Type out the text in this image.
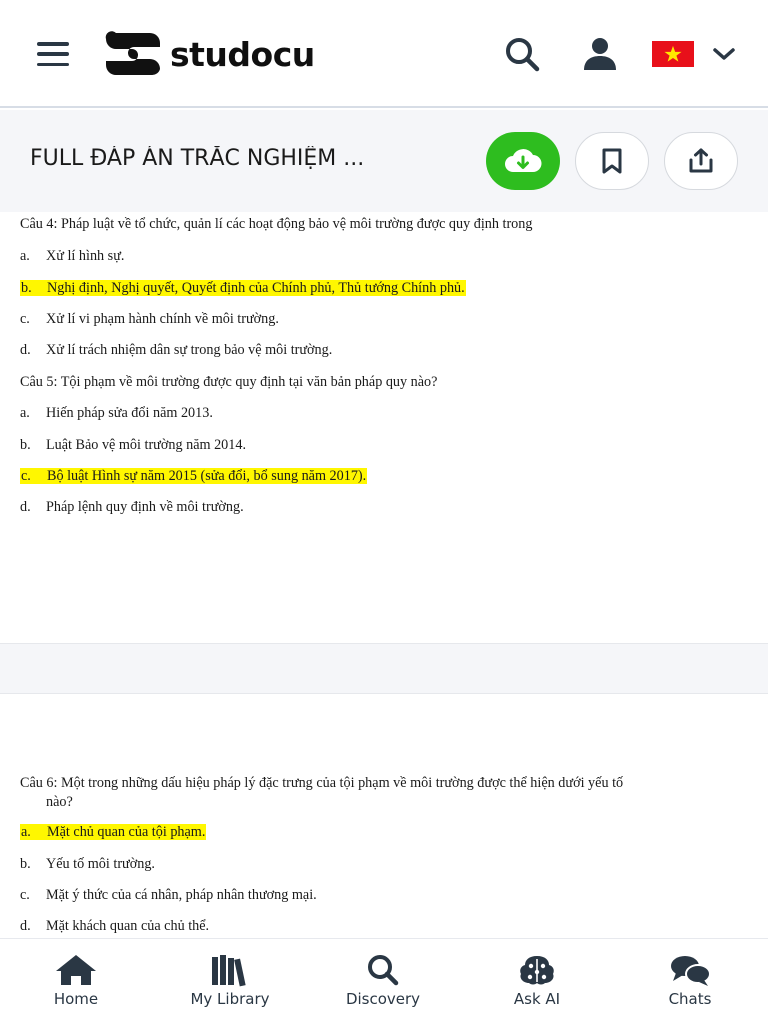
studocu
FULL ĐÁP ÁN TRẮC NGHIỆM ...
Câu 4: Pháp luật về tổ chức, quản lí các hoạt động bảo vệ môi trường được quy định trong
a. Xử lí hình sự.
b. Nghị định, Nghị quyết, Quyết định của Chính phủ, Thủ tướng Chính phủ.
c. Xử lí vi phạm hành chính về môi trường.
d. Xử lí trách nhiệm dân sự trong bảo vệ môi trường.
Câu 5: Tội phạm về môi trường được quy định tại văn bản pháp quy nào?
a. Hiến pháp sửa đổi năm 2013.
b. Luật Bảo vệ môi trường năm 2014.
c. Bộ luật Hình sự năm 2015 (sửa đổi, bổ sung năm 2017).
d. Pháp lệnh quy định về môi trường.
Câu 6: Một trong những dấu hiệu pháp lý đặc trưng của tội phạm về môi trường được thể hiện dưới yếu tố
nào?
a. Mặt chủ quan của tội phạm.
b. Yếu tố môi trường.
c. Mặt ý thức của cá nhân, pháp nhân thương mại.
d. Mặt khách quan của chủ thể.
Home	My Library	Discovery	Ask AI	Chats
